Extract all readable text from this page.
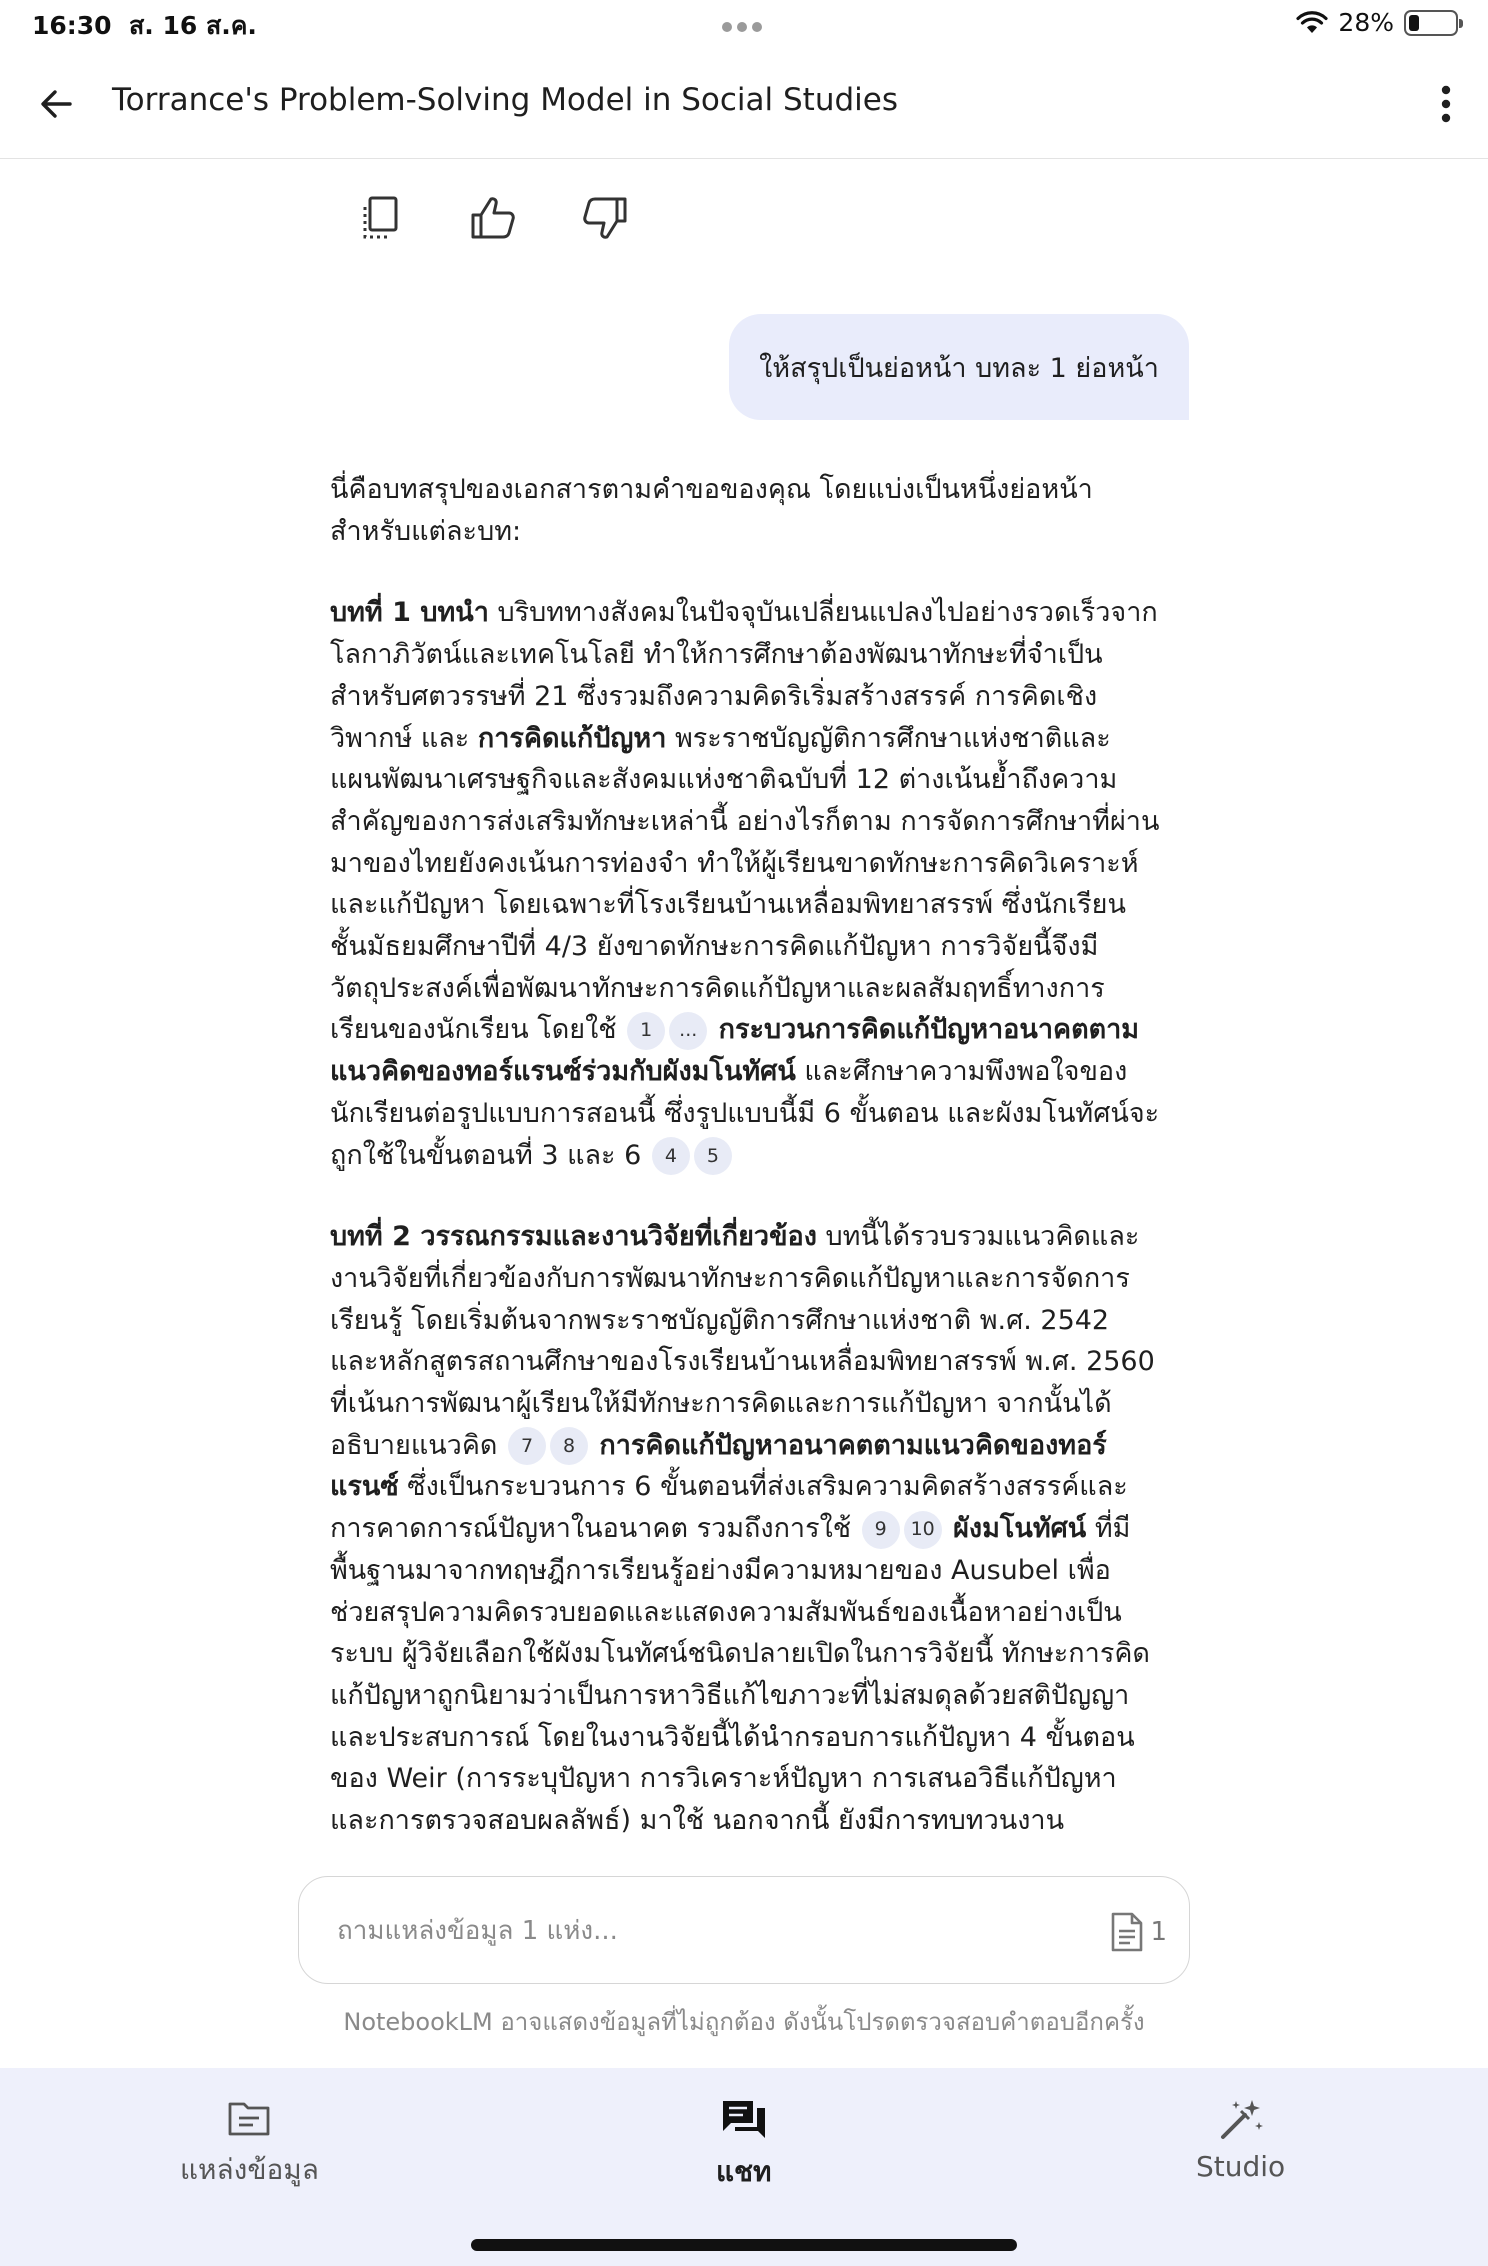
16:30 ส. 16 ส.ค.	28%
Torrance's Problem-Solving Model in Social Studies
ให้สรุปเป็นย่อหน้า บทละ 1 ย่อหน้า

นี่คือบทสรุปของเอกสารตามคำขอของคุณ โดยแบ่งเป็นหนึ่งย่อหน้าสำหรับแต่ละบท:

บทที่ 1 บทนำ บริบททางสังคมในปัจจุบันเปลี่ยนแปลงไปอย่างรวดเร็วจากโลกาภิวัตน์และเทคโนโลยี ทำให้การศึกษาต้องพัฒนาทักษะที่จำเป็นสำหรับศตวรรษที่ 21 ซึ่งรวมถึงความคิดริเริ่มสร้างสรรค์ การคิดเชิงวิพากษ์ และ การคิดแก้ปัญหา พระราชบัญญัติการศึกษาแห่งชาติและแผนพัฒนาเศรษฐกิจและสังคมแห่งชาติฉบับที่ 12 ต่างเน้นย้ำถึงความสำคัญของการส่งเสริมทักษะเหล่านี้ อย่างไรก็ตาม การจัดการศึกษาที่ผ่านมาของไทยยังคงเน้นการท่องจำ ทำให้ผู้เรียนขาดทักษะการคิดวิเคราะห์และแก้ปัญหา โดยเฉพาะที่โรงเรียนบ้านเหลื่อมพิทยาสรรพ์ ซึ่งนักเรียนชั้นมัธยมศึกษาปีที่ 4/3 ยังขาดทักษะการคิดแก้ปัญหา การวิจัยนี้จึงมีวัตถุประสงค์เพื่อพัฒนาทักษะการคิดแก้ปัญหาและผลสัมฤทธิ์ทางการเรียนของนักเรียน โดยใช้ 1 ... กระบวนการคิดแก้ปัญหาอนาคตตามแนวคิดของทอร์แรนซ์ร่วมกับผังมโนทัศน์ และศึกษาความพึงพอใจของนักเรียนต่อรูปแบบการสอนนี้ ซึ่งรูปแบบนี้มี 6 ขั้นตอน และผังมโนทัศน์จะถูกใช้ในขั้นตอนที่ 3 และ 6 4 5

บทที่ 2 วรรณกรรมและงานวิจัยที่เกี่ยวข้อง บทนี้ได้รวบรวมแนวคิดและงานวิจัยที่เกี่ยวข้องกับการพัฒนาทักษะการคิดแก้ปัญหาและการจัดการเรียนรู้ โดยเริ่มต้นจากพระราชบัญญัติการศึกษาแห่งชาติ พ.ศ. 2542 และหลักสูตรสถานศึกษาของโรงเรียนบ้านเหลื่อมพิทยาสรรพ์ พ.ศ. 2560 ที่เน้นการพัฒนาผู้เรียนให้มีทักษะการคิดและการแก้ปัญหา จากนั้นได้อธิบายแนวคิด 7 8 การคิดแก้ปัญหาอนาคตตามแนวคิดของทอร์แรนซ์ ซึ่งเป็นกระบวนการ 6 ขั้นตอนที่ส่งเสริมความคิดสร้างสรรค์และการคาดการณ์ปัญหาในอนาคต รวมถึงการใช้ 9 10 ผังมโนทัศน์ ที่มีพื้นฐานมาจากทฤษฎีการเรียนรู้อย่างมีความหมายของ Ausubel เพื่อช่วยสรุปความคิดรวบยอดและแสดงความสัมพันธ์ของเนื้อหาอย่างเป็นระบบ ผู้วิจัยเลือกใช้ผังมโนทัศน์ชนิดปลายเปิดในการวิจัยนี้ ทักษะการคิดแก้ปัญหาถูกนิยามว่าเป็นการหาวิธีแก้ไขภาวะที่ไม่สมดุลด้วยสติปัญญาและประสบการณ์ โดยในงานวิจัยนี้ได้นำกรอบการแก้ปัญหา 4 ขั้นตอนของ Weir (การระบุปัญหา การวิเคราะห์ปัญหา การเสนอวิธีแก้ปัญหา และการตรวจสอบผลลัพธ์) มาใช้ นอกจากนี้ ยังมีการทบทวนงาน

ถามแหล่งข้อมูล 1 แห่ง...
1
NotebookLM อาจแสดงข้อมูลที่ไม่ถูกต้อง ดังนั้นโปรดตรวจสอบคำตอบอีกครั้ง
แหล่งข้อมูล	แชท	Studio
